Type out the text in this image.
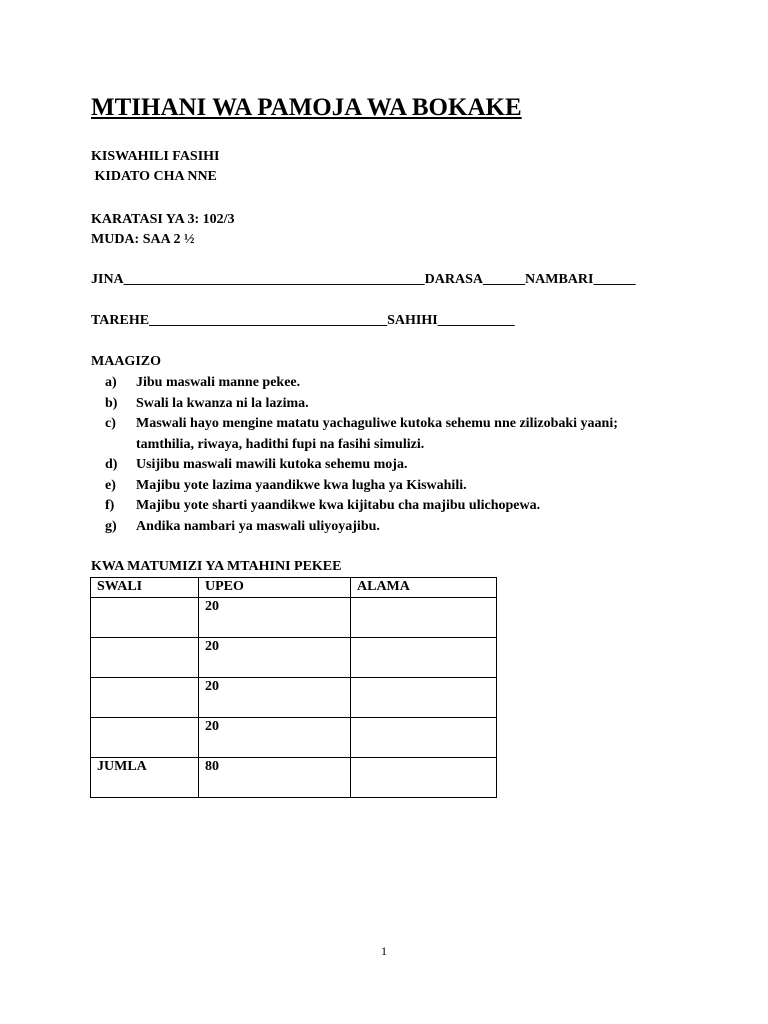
MTIHANI WA PAMOJA WA BOKAKE
KISWAHILI FASIHI
KIDATO CHA NNE
KARATASI YA 3: 102/3
MUDA: SAA 2 ½
JINA___________________________________________DARASA______NAMBARI______
TAREHE__________________________________SAHIHI___________
MAAGIZO
a)	Jibu maswali manne pekee.
b)	Swali la kwanza ni la lazima.
c)	Maswali hayo mengine matatu yachaguliwe kutoka sehemu nne zilizobaki yaani;
tamthilia, riwaya, hadithi fupi na fasihi simulizi.
d)	Usijibu maswali mawili kutoka sehemu moja.
e)	Majibu yote lazima yaandikwe kwa lugha ya Kiswahili.
f)	Majibu yote sharti yaandikwe kwa kijitabu cha majibu ulichopewa.
g)	Andika nambari ya maswali uliyoyajibu.
KWA MATUMIZI YA MTAHINI PEKEE
SWALI	UPEO	ALAMA
	20	
	20	
	20	
	20	
JUMLA	80	
1
